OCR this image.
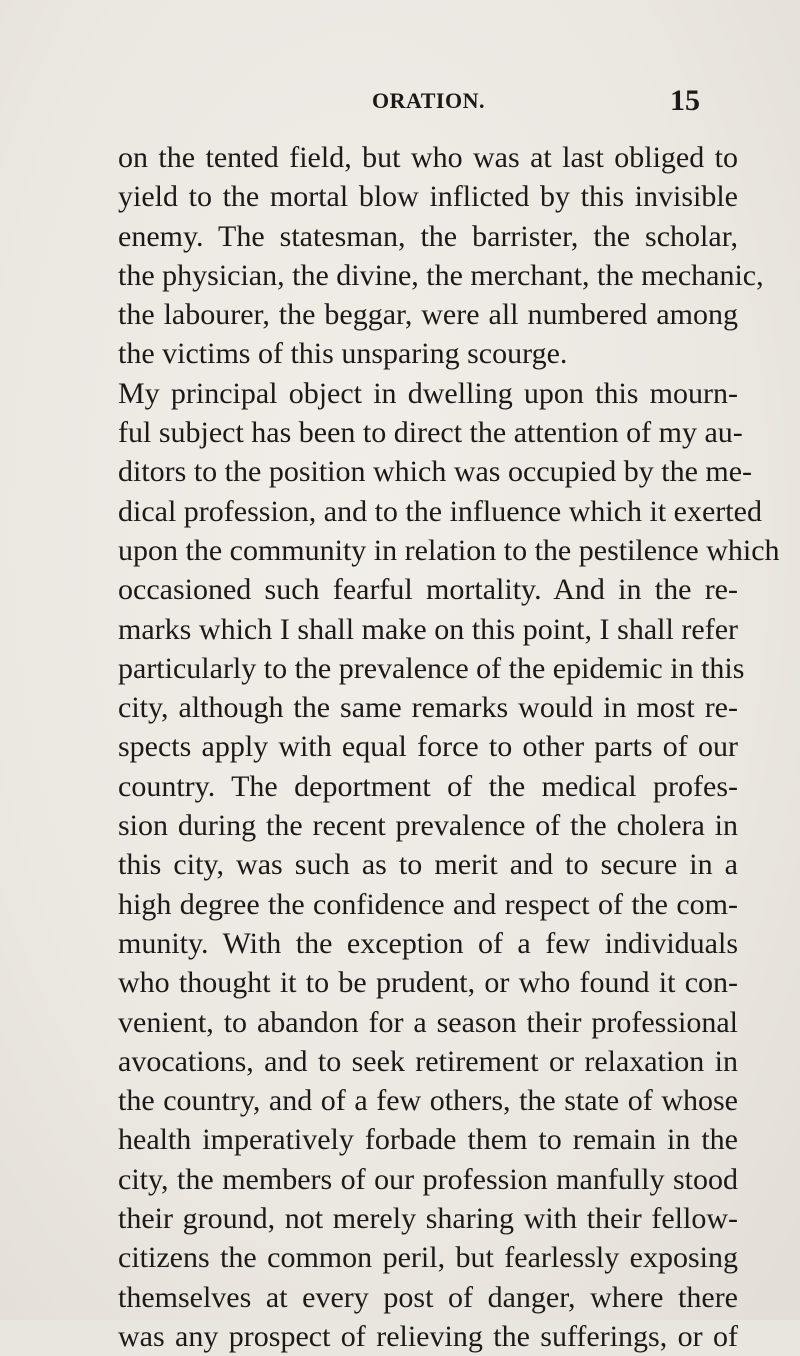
ORATION.	15
on the tented field, but who was at last obliged to
yield to the mortal blow inflicted by this invisible
enemy. The statesman, the barrister, the scholar,
the physician, the divine, the merchant, the mechanic,
the labourer, the beggar, were all numbered among
the victims of this unsparing scourge.
My principal object in dwelling upon this mourn-
ful subject has been to direct the attention of my au-
ditors to the position which was occupied by the me-
dical profession, and to the influence which it exerted
upon the community in relation to the pestilence which
occasioned such fearful mortality. And in the re-
marks which I shall make on this point, I shall refer
particularly to the prevalence of the epidemic in this
city, although the same remarks would in most re-
spects apply with equal force to other parts of our
country. The deportment of the medical profes-
sion during the recent prevalence of the cholera in
this city, was such as to merit and to secure in a
high degree the confidence and respect of the com-
munity. With the exception of a few individuals
who thought it to be prudent, or who found it con-
venient, to abandon for a season their professional
avocations, and to seek retirement or relaxation in
the country, and of a few others, the state of whose
health imperatively forbade them to remain in the
city, the members of our profession manfully stood
their ground, not merely sharing with their fellow-
citizens the common peril, but fearlessly exposing
themselves at every post of danger, where there
was any prospect of relieving the sufferings, or of
